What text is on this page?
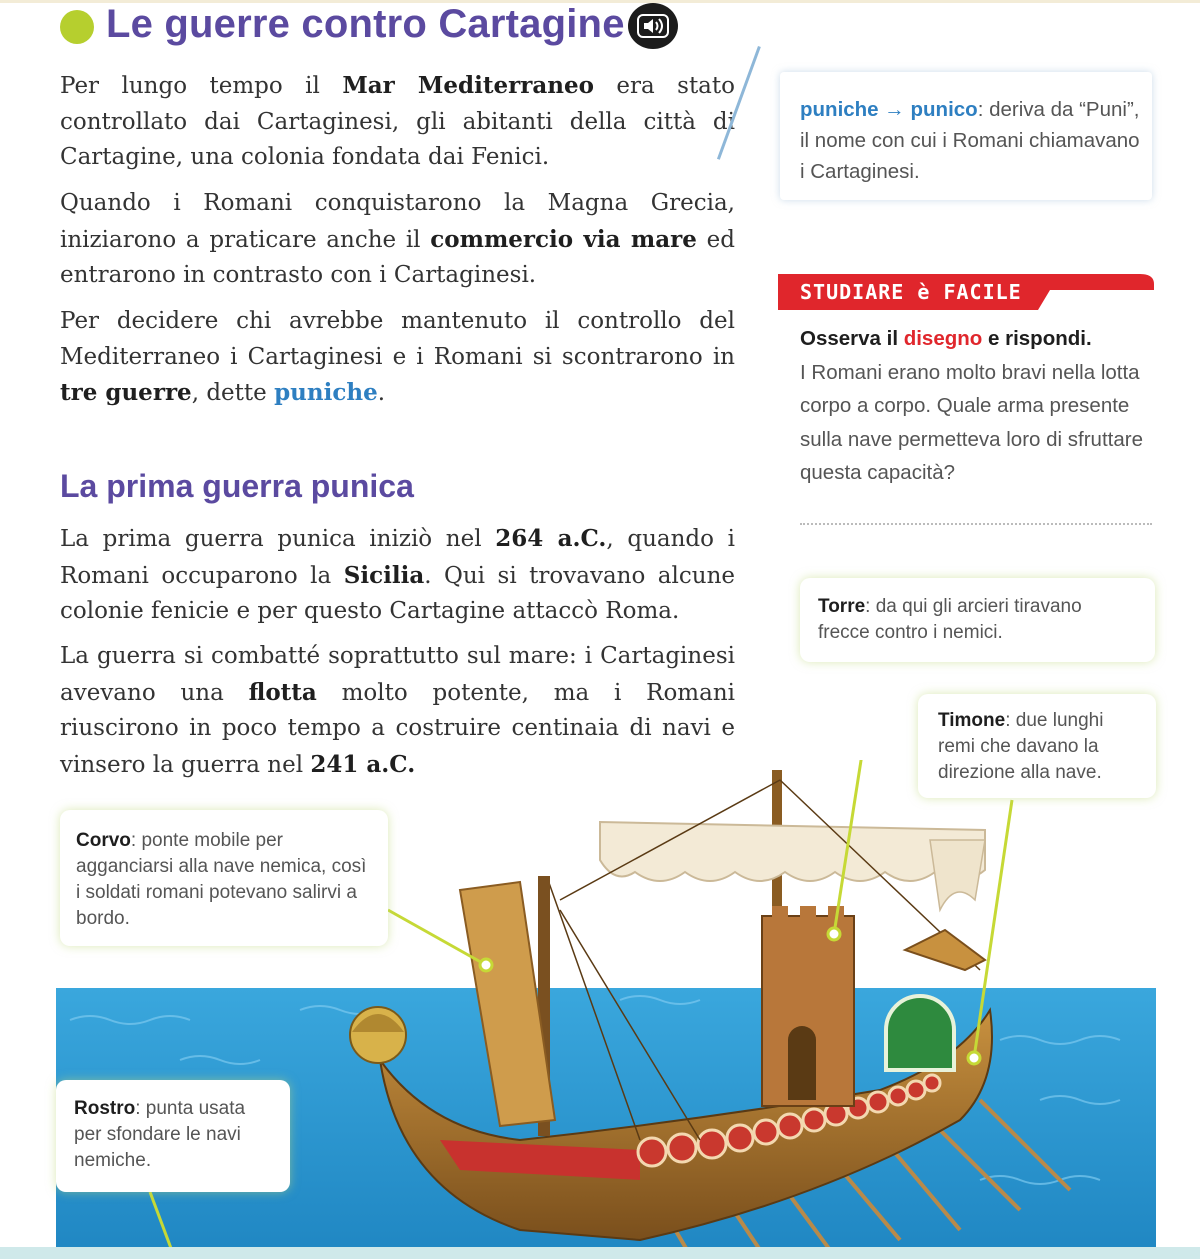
Le guerre contro Cartagine
Per lungo tempo il Mar Mediterraneo era stato controllato dai Cartaginesi, gli abitanti della città di Cartagine, una colonia fondata dai Fenici.
Quando i Romani conquistarono la Magna Grecia, iniziarono a praticare anche il commercio via mare ed entrarono in contrasto con i Cartaginesi.
Per decidere chi avrebbe mantenuto il controllo del Mediterraneo i Cartaginesi e i Romani si scontrarono in tre guerre, dette puniche.
La prima guerra punica
La prima guerra punica iniziò nel 264 a.C., quando i Romani occuparono la Sicilia. Qui si trovavano alcune colonie fenicie e per questo Cartagine attaccò Roma.
La guerra si combatté soprattutto sul mare: i Cartaginesi avevano una flotta molto potente, ma i Romani riuscirono in poco tempo a costruire centinaia di navi e vinsero la guerra nel 241 a.C.
puniche → punico: deriva da “Puni”, il nome con cui i Romani chiamavano i Cartaginesi.
STUDIARE è FACILE
Osserva il disegno e rispondi.
I Romani erano molto bravi nella lotta corpo a corpo. Quale arma presente sulla nave permetteva loro di sfruttare questa capacità?
Torre: da qui gli arcieri tiravano frecce contro i nemici.
Timone: due lunghi remi che davano la direzione alla nave.
Corvo: ponte mobile per agganciarsi alla nave nemica, così i soldati romani potevano salirvi a bordo.
Rostro: punta usata per sfondare le navi nemiche.
